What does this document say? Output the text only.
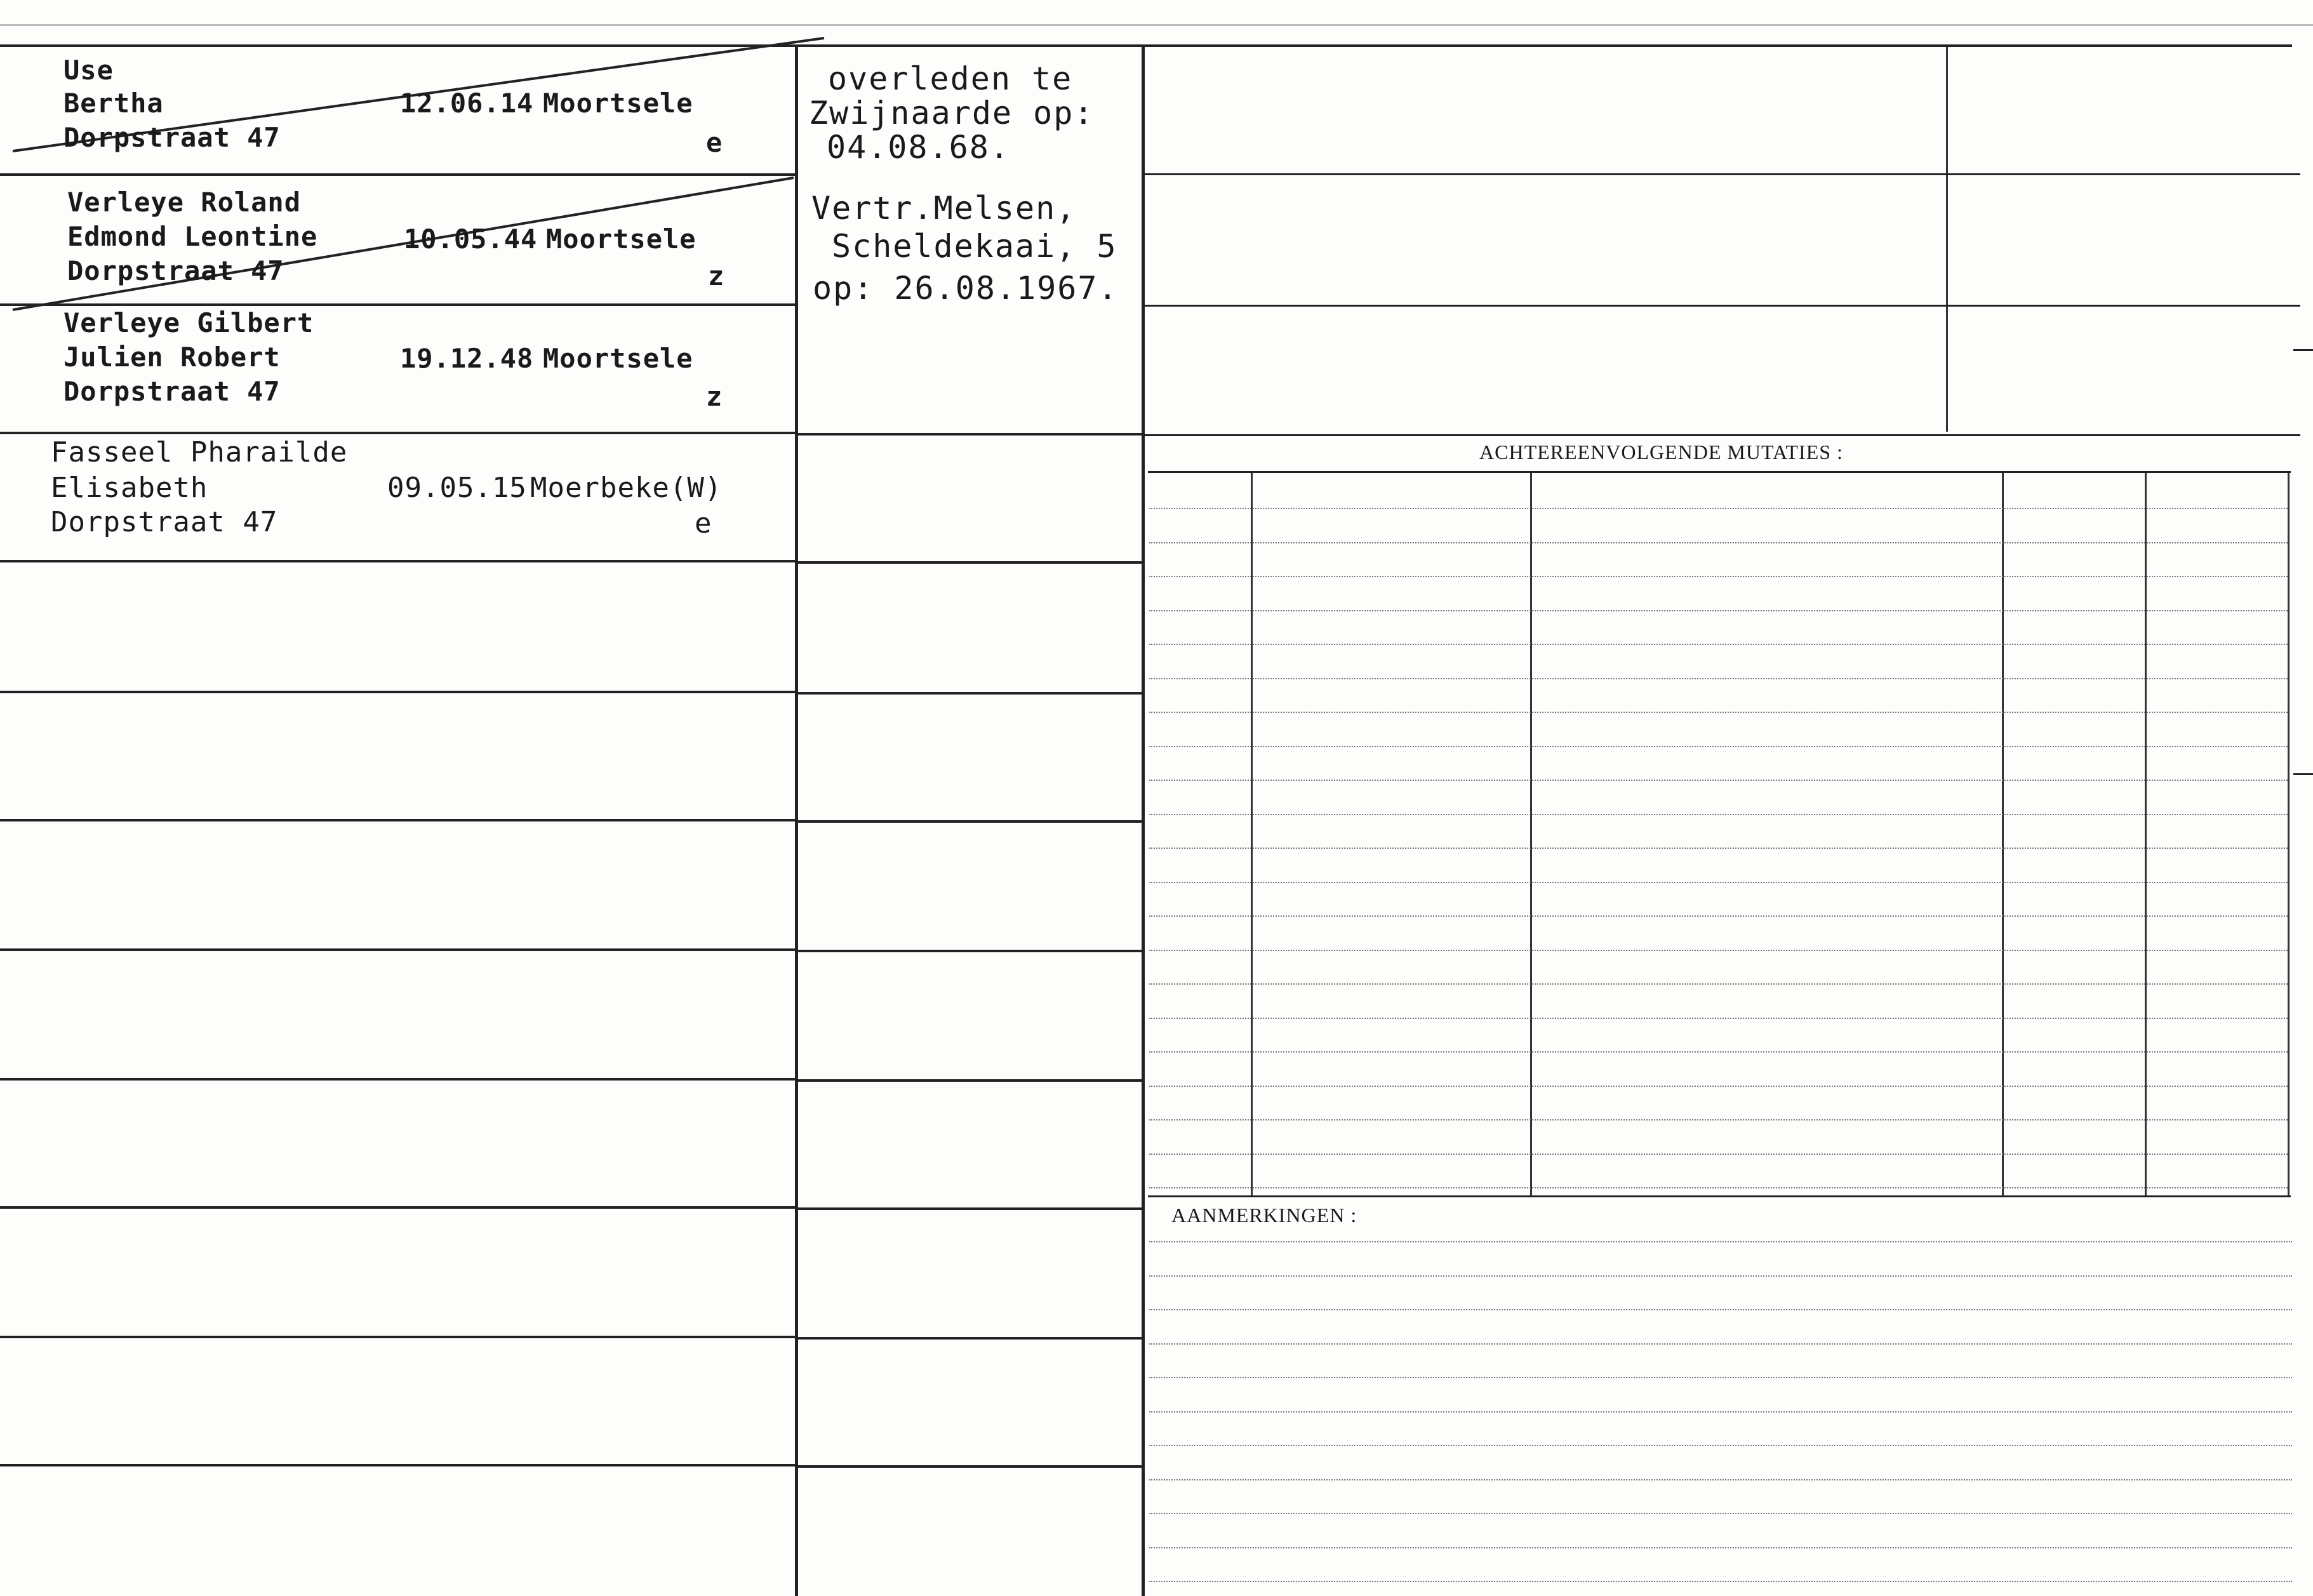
Use
Bertha
Dorpstraat 47
12.06.14 Moortsele
e
Verleye Roland
Edmond Leontine
Dorpstraat 47
10.05.44 Moortsele
z
Verleye Gilbert
Julien Robert
Dorpstraat 47
19.12.48 Moortsele
z
Fasseel Pharailde
Elisabeth
Dorpstraat 47
09.05.15 Moerbeke(W)
e
overleden te
Zwijnaarde op:
04.08.68.
Vertr.Melsen,
Scheldekaai, 5
op: 26.08.1967.
ACHTEREENVOLGENDE MUTATIES :
AANMERKINGEN :
